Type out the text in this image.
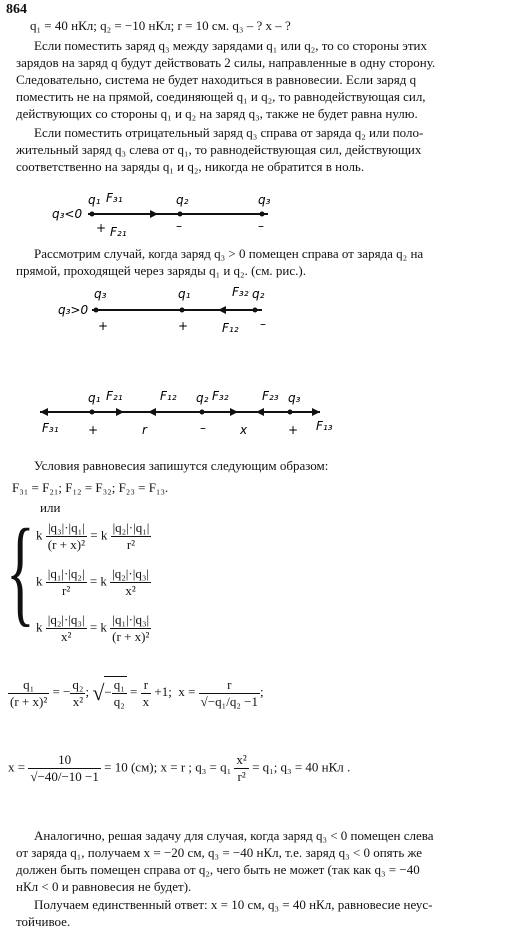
864
q₁ = 40 нКл; q₂ = −10 нКл; r = 10 см. q₃ – ? x – ?
Если поместить заряд q₃ между зарядами q₁ или q₂, то со стороны этих
зарядов на заряд q будут действовать 2 силы, направленные в одну сторону.
Следовательно, система не будет находиться в равновесии. Если заряд q
поместить не на прямой, соединяющей q₁ и q₂, то равнодействующая сил,
действующих со стороны q₁ и q₂ на заряд q₃, также не будет равна нулю.
Если поместить отрицательный заряд q₃ справа от заряда q₂ или поло-
жительный заряд q₃ слева от q₁, то равнодействующая сил, действующих
соответственно на заряды q₁ и q₂, никогда не обратится в ноль.
q₃<0
q₁ F₃₁	q₂	q₃
+ F₂₁	–	–
Рассмотрим случай, когда заряд q₃ > 0 помещен справа от заряда q₂ на
прямой, проходящей через заряды q₁ и q₂. (см. рис.).
q₃>0
q₃	q₁	F₃₂ q₂
+	+	F₁₂ –
q₁ F₂₁	F₁₂ q₂ F₃₂	F₂₃ q₃
F₃₁ +	r	–	x	+ F₁₃
Условия равновесия запишутся следующим образом:
F₃₁ = F₂₁; F₁₂ = F₃₂; F₂₃ = F₁₃.
или
{ k $\frac{\text{|q₃|·|q₁|}}{\text{(r + x)²}} = k \frac{\text{|q₂|·|q₁|}}{\text{r²}}$
k $\frac{\text{|q₁|·|q₂|}}{\text{r²}} = k \frac{\text{|q₂|·|q₃|}}{\text{x²}}$
k $\frac{\text{|q₂|·|q₃|}}{\text{x²}} = k \frac{\text{|q₁|·|q₃|}}{\text{(r + x)²}}$
$\frac{\text{q₁}}{\text{(r + x)²}}$ = − $\frac{\text{q₂}}{\text{x²}}$ ; √− $\frac{\text{q₁}}{\text{q₂}} = \frac{r}{x} +1$; $x = \frac{r}{\text{√−q₁/q₂ −1}}$ ;
$x = \frac{10}{√-40/-10 -1} = 10$ (см); x = r ; $q_3 = q_1 \frac{\text{x²}}{\text{r²}} = q_1$; q₃ = 40 нКл .
Аналогично, решая задачу для случая, когда заряд q₃ < 0 помещен слева
от заряда q₁, получаем x = −20 см, q₃ = −40 нКл, т.е. заряд q₃ < 0 опять же
должен быть помещен справа от q₂, чего быть не может (так как q₃ = −40
нКл < 0 и равновесия не будет).
Получаем единственный ответ: x = 10 см, q₃ = 40 нКл, равновесие неус-
тойчивое.
